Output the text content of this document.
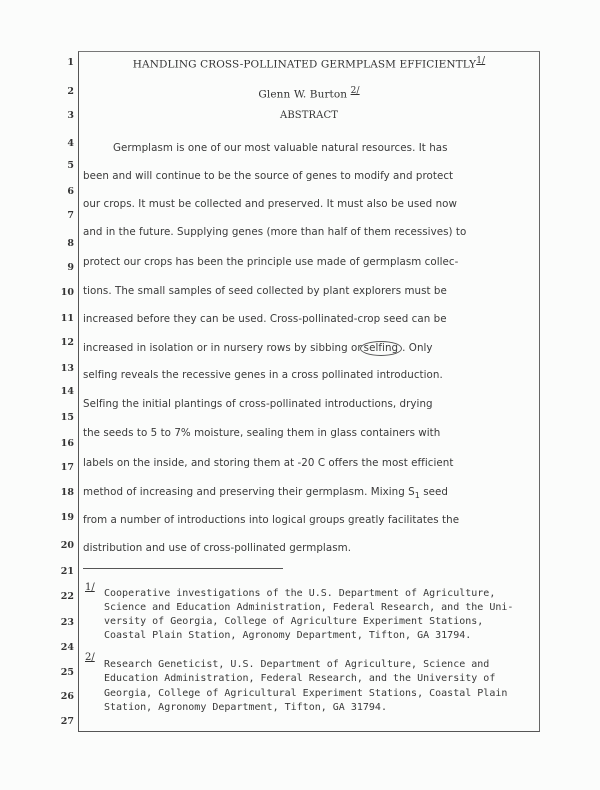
1
2
3
4
5
6
7
8
9
10
11
12
13
14
15
16
17
18
19
20
21
22
23
24
25
26
27
HANDLING CROSS-POLLINATED GERMPLASM $EFFICIENTLY^{1/}$
Glenn W. Burton $^{2/}$
ABSTRACT
Germplasm is one of our most valuable natural resources. It has
been and will continue to be the source of genes to modify and protect
our crops. It must be collected and preserved. It must also be used now
and in the future. Supplying genes (more than half of them recessives) to
protect our crops has been the principle use made of germplasm collec-
tions. The small samples of seed collected by plant explorers must be
increased before they can be used. Cross-pollinated-crop seed can be
increased in isolation or in nursery rows by sibbing or selfing . Only
selfing reveals the recessive genes in a cross pollinated introduction.
Selfing the initial plantings of cross-pollinated introductions, drying
the seeds to 5 to 7% moisture, sealing them in glass containers with
labels on the inside, and storing them at -20 C offers the most efficient
method of increasing and preserving their germplasm. Mixing $S_1$ seed
from a number of introductions into logical groups greatly facilitates the
distribution and use of cross-pollinated germplasm.
1/
Cooperative investigations of the U.S. Department of Agriculture,
Science and Education Administration, Federal Research, and the Uni-
versity of Georgia, College of Agriculture Experiment Stations,
Coastal Plain Station, Agronomy Department, Tifton, GA 31794.
2/
Research Geneticist, U.S. Department of Agriculture, Science and
Education Administration, Federal Research, and the University of
Georgia, College of Agricultural Experiment Stations, Coastal Plain
Station, Agronomy Department, Tifton, GA 31794.
